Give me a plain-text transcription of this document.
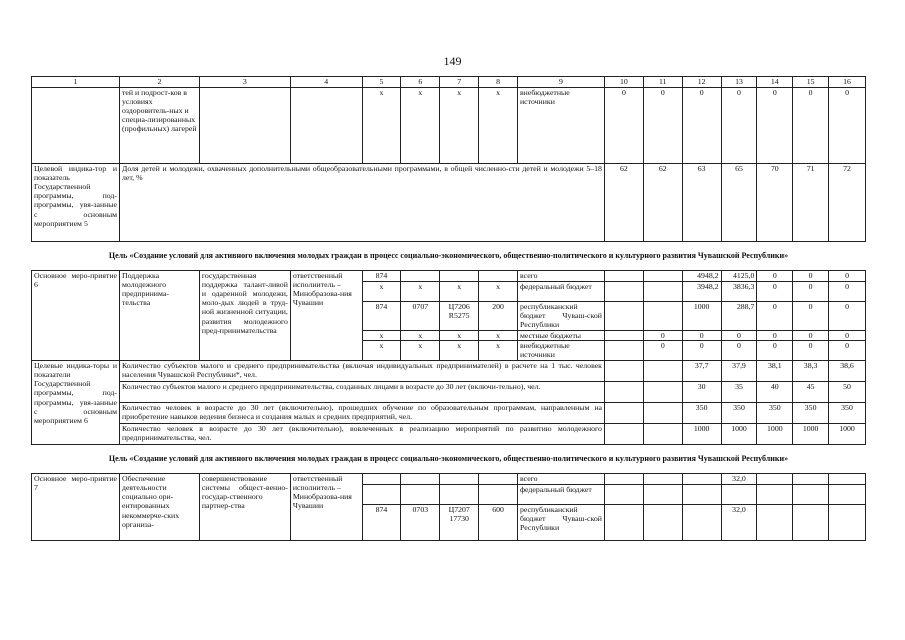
149
1	2	3	4	5	6	7	8	9	10	11	12	13	14	15	16
	тей и подрост-ков в условиях оздоровитель-ных и специа-лизированных (профильных) лагерей			x	x	x	x	внебюджетные источники	0	0	0	0	0	0	0
Целевой индика-тор и показатель Государственной программы, под-программы, увя-занные с основным мероприятием 5	Доля детей и молодежи, охваченных дополнительными общеобразовательными программами, в общей численно-сти детей и молодежи 5–18 лет, %								62	62	63	65	70	71	72
Цель «Создание условий для активного включения молодых граждан в процесс социально-экономического, общественно-политического и культурного развития Чувашской Республики»
Основное меро-приятие 6	Поддержка молодежного предпринима-тельства	государственная поддержка талант-ливой и одаренной молодежи, моло-дых людей в труд-ной жизненной ситуации, развития молодежного пред-принимательства	ответственный исполнитель – Минобразова-ния Чувашии	874				всего			4948,2	4125,0	0	0	0
				x	x	x	x	федеральный бюджет			3948,2	3836,3	0	0	0
				874	0707	Ц7206 R5275	200	республиканский бюджет Чуваш-ской Республики			1000	288,7	0	0	0
				x	x	x	x	местные бюджеты		0	0	0	0	0	0
				x	x	x	x	внебюджетные источники		0	0	0	0	0	0
Целевые индика-торы и показатели Государственной программы, под-программы, увя-занные с основным мероприятием 6	Количество субъектов малого и среднего предпринимательства (включая индивидуальных предпринимателей) в расчете на 1 тыс. человек населения Чувашской Республики*, чел.										37,7	37,9	38,1	38,3	38,6
	Количество субъектов малого и среднего предпринимательства, созданных лицами в возрасте до 30 лет (включи-тельно), чел.										30	35	40	45	50
	Количество человек в возрасте до 30 лет (включительно), прошедших обучение по образовательным программам, направленным на приобретение навыков ведения бизнеса и создания малых и средних предприятий, чел.										350	350	350	350	350
	Количество человек в возрасте до 30 лет (включительно), вовлеченных в реализацию мероприятий по развитию молодежного предпринимательства, чел.										1000	1000	1000	1000	1000
Цель «Создание условий для активного включения молодых граждан в процесс социально-экономического, общественно-политического и культурного развития Чувашской Республики»
Основное меро-приятие 7	Обеспечение деятельности социально ори-ентированных некоммерче-ских организа-	совершенствование системы общест-венно-государ-ственного партнер-ства	ответственный исполнитель – Минобразова-ния Чувашии					всего				32,0			
								федеральный бюджет							
				874	0703	Ц7207 17730	600	республиканский бюджет Чуваш-ской Республики				32,0			
